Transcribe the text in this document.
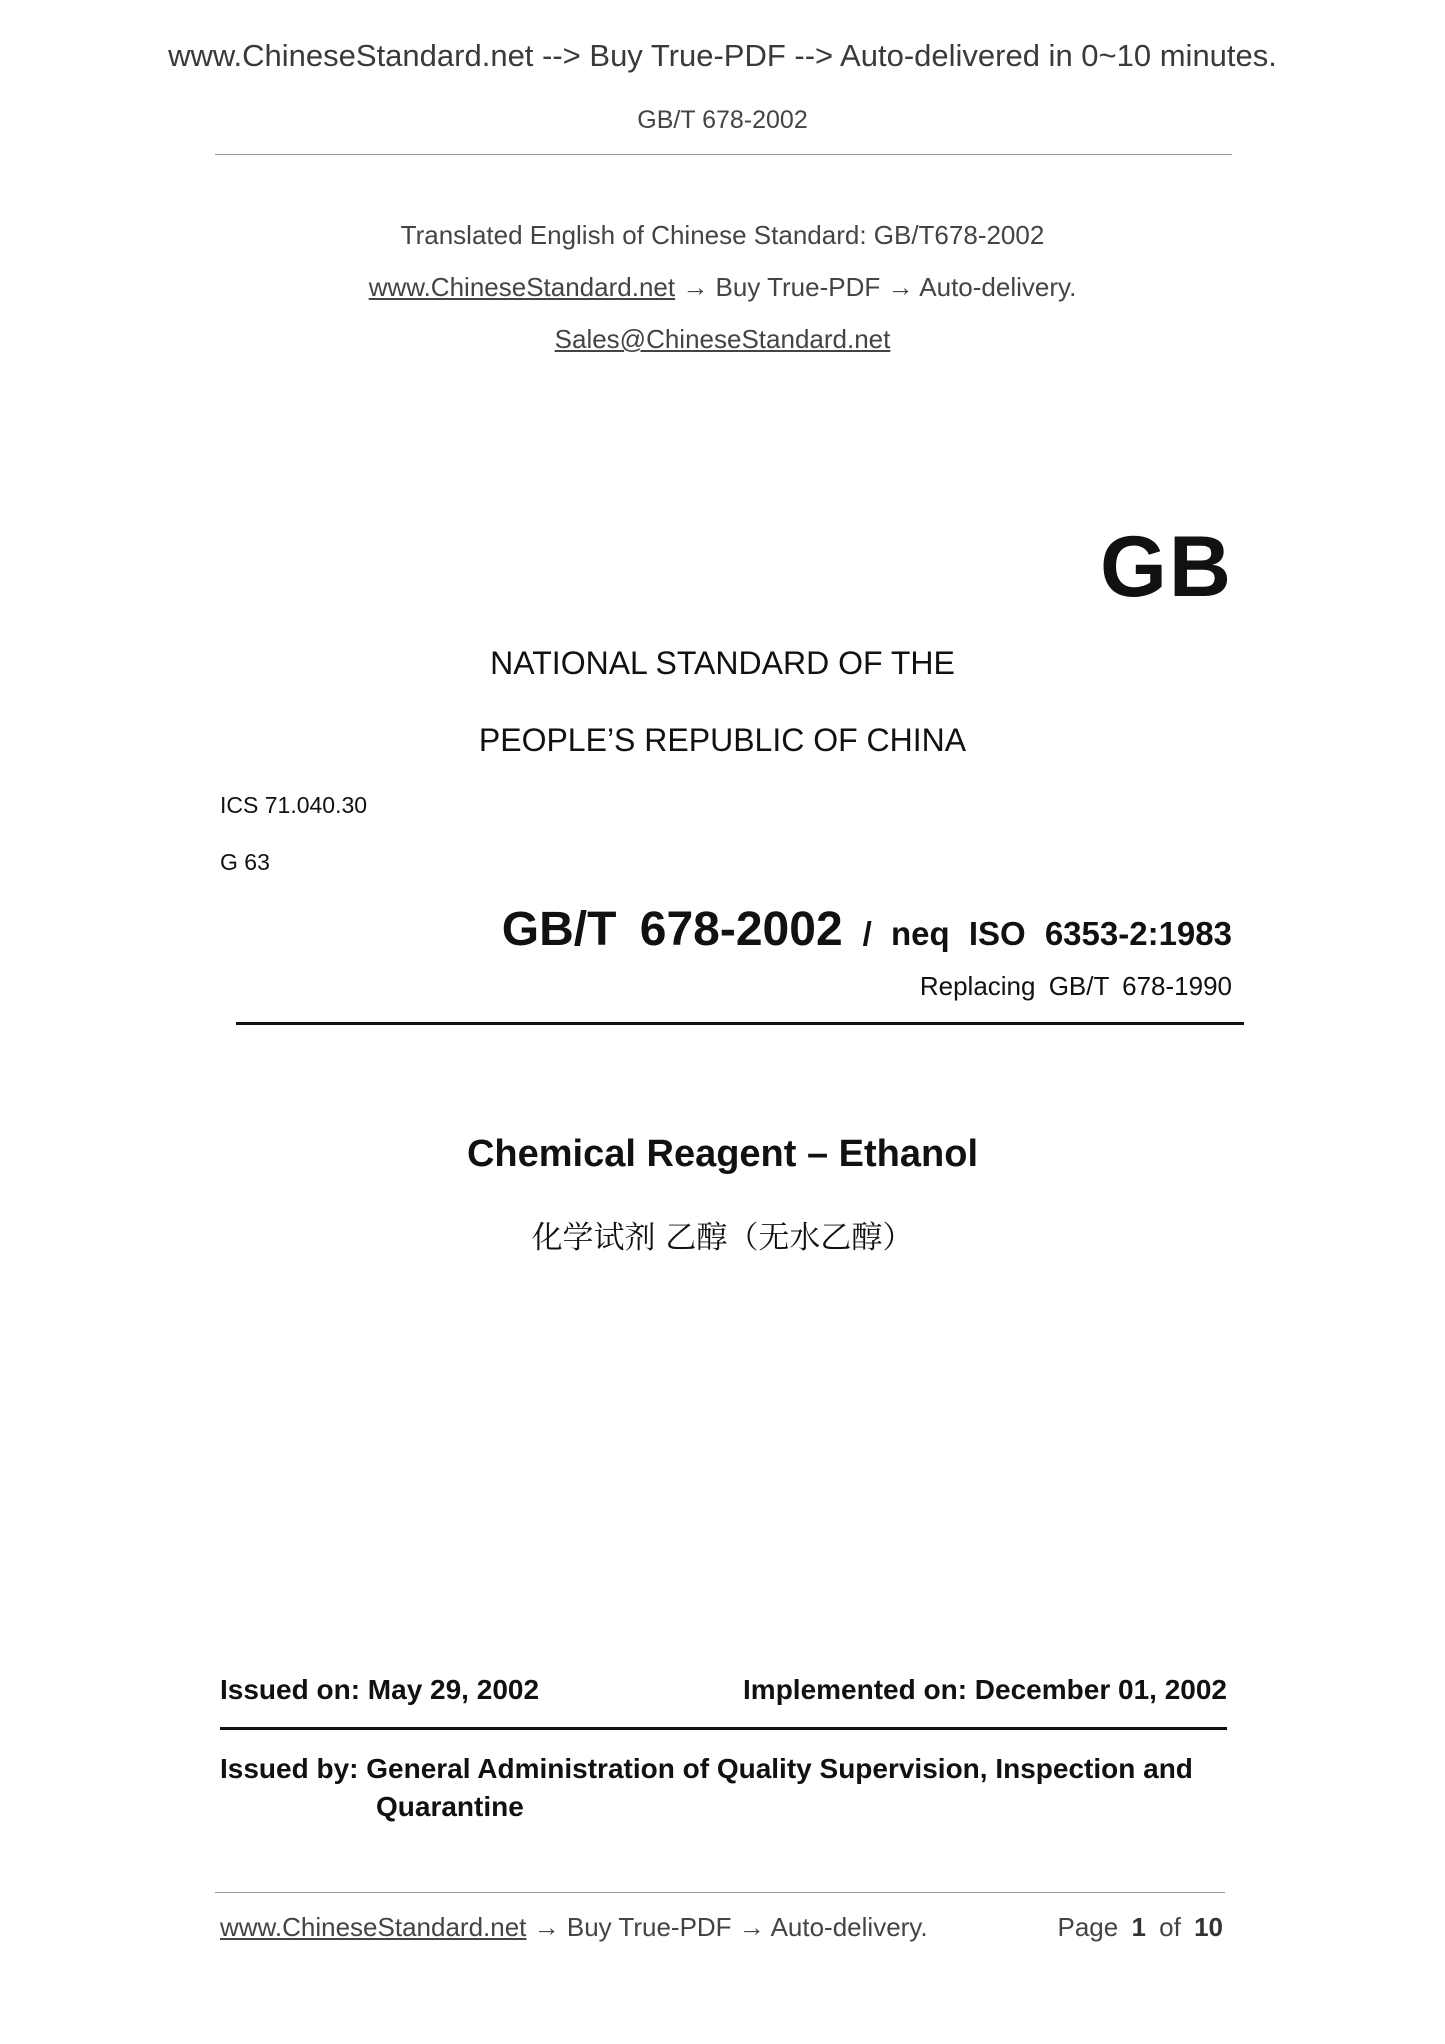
www.ChineseStandard.net --> Buy True-PDF --> Auto-delivered in 0~10 minutes.
GB/T 678-2002
Translated English of Chinese Standard: GB/T678-2002
www.ChineseStandard.net → Buy True-PDF → Auto-delivery.
Sales@ChineseStandard.net
GB
NATIONAL STANDARD OF THE
PEOPLE’S REPUBLIC OF CHINA
ICS 71.040.30
G 63
GB/T 678-2002 / neq ISO 6353-2:1983
Replacing GB/T 678-1990
Chemical Reagent – Ethanol
化学试剂 乙醇（无水乙醇）
Issued on: May 29, 2002	Implemented on: December 01, 2002
Issued by: General Administration of Quality Supervision, Inspection and
Quarantine
www.ChineseStandard.net → Buy True-PDF → Auto-delivery.	Page 1 of 10
